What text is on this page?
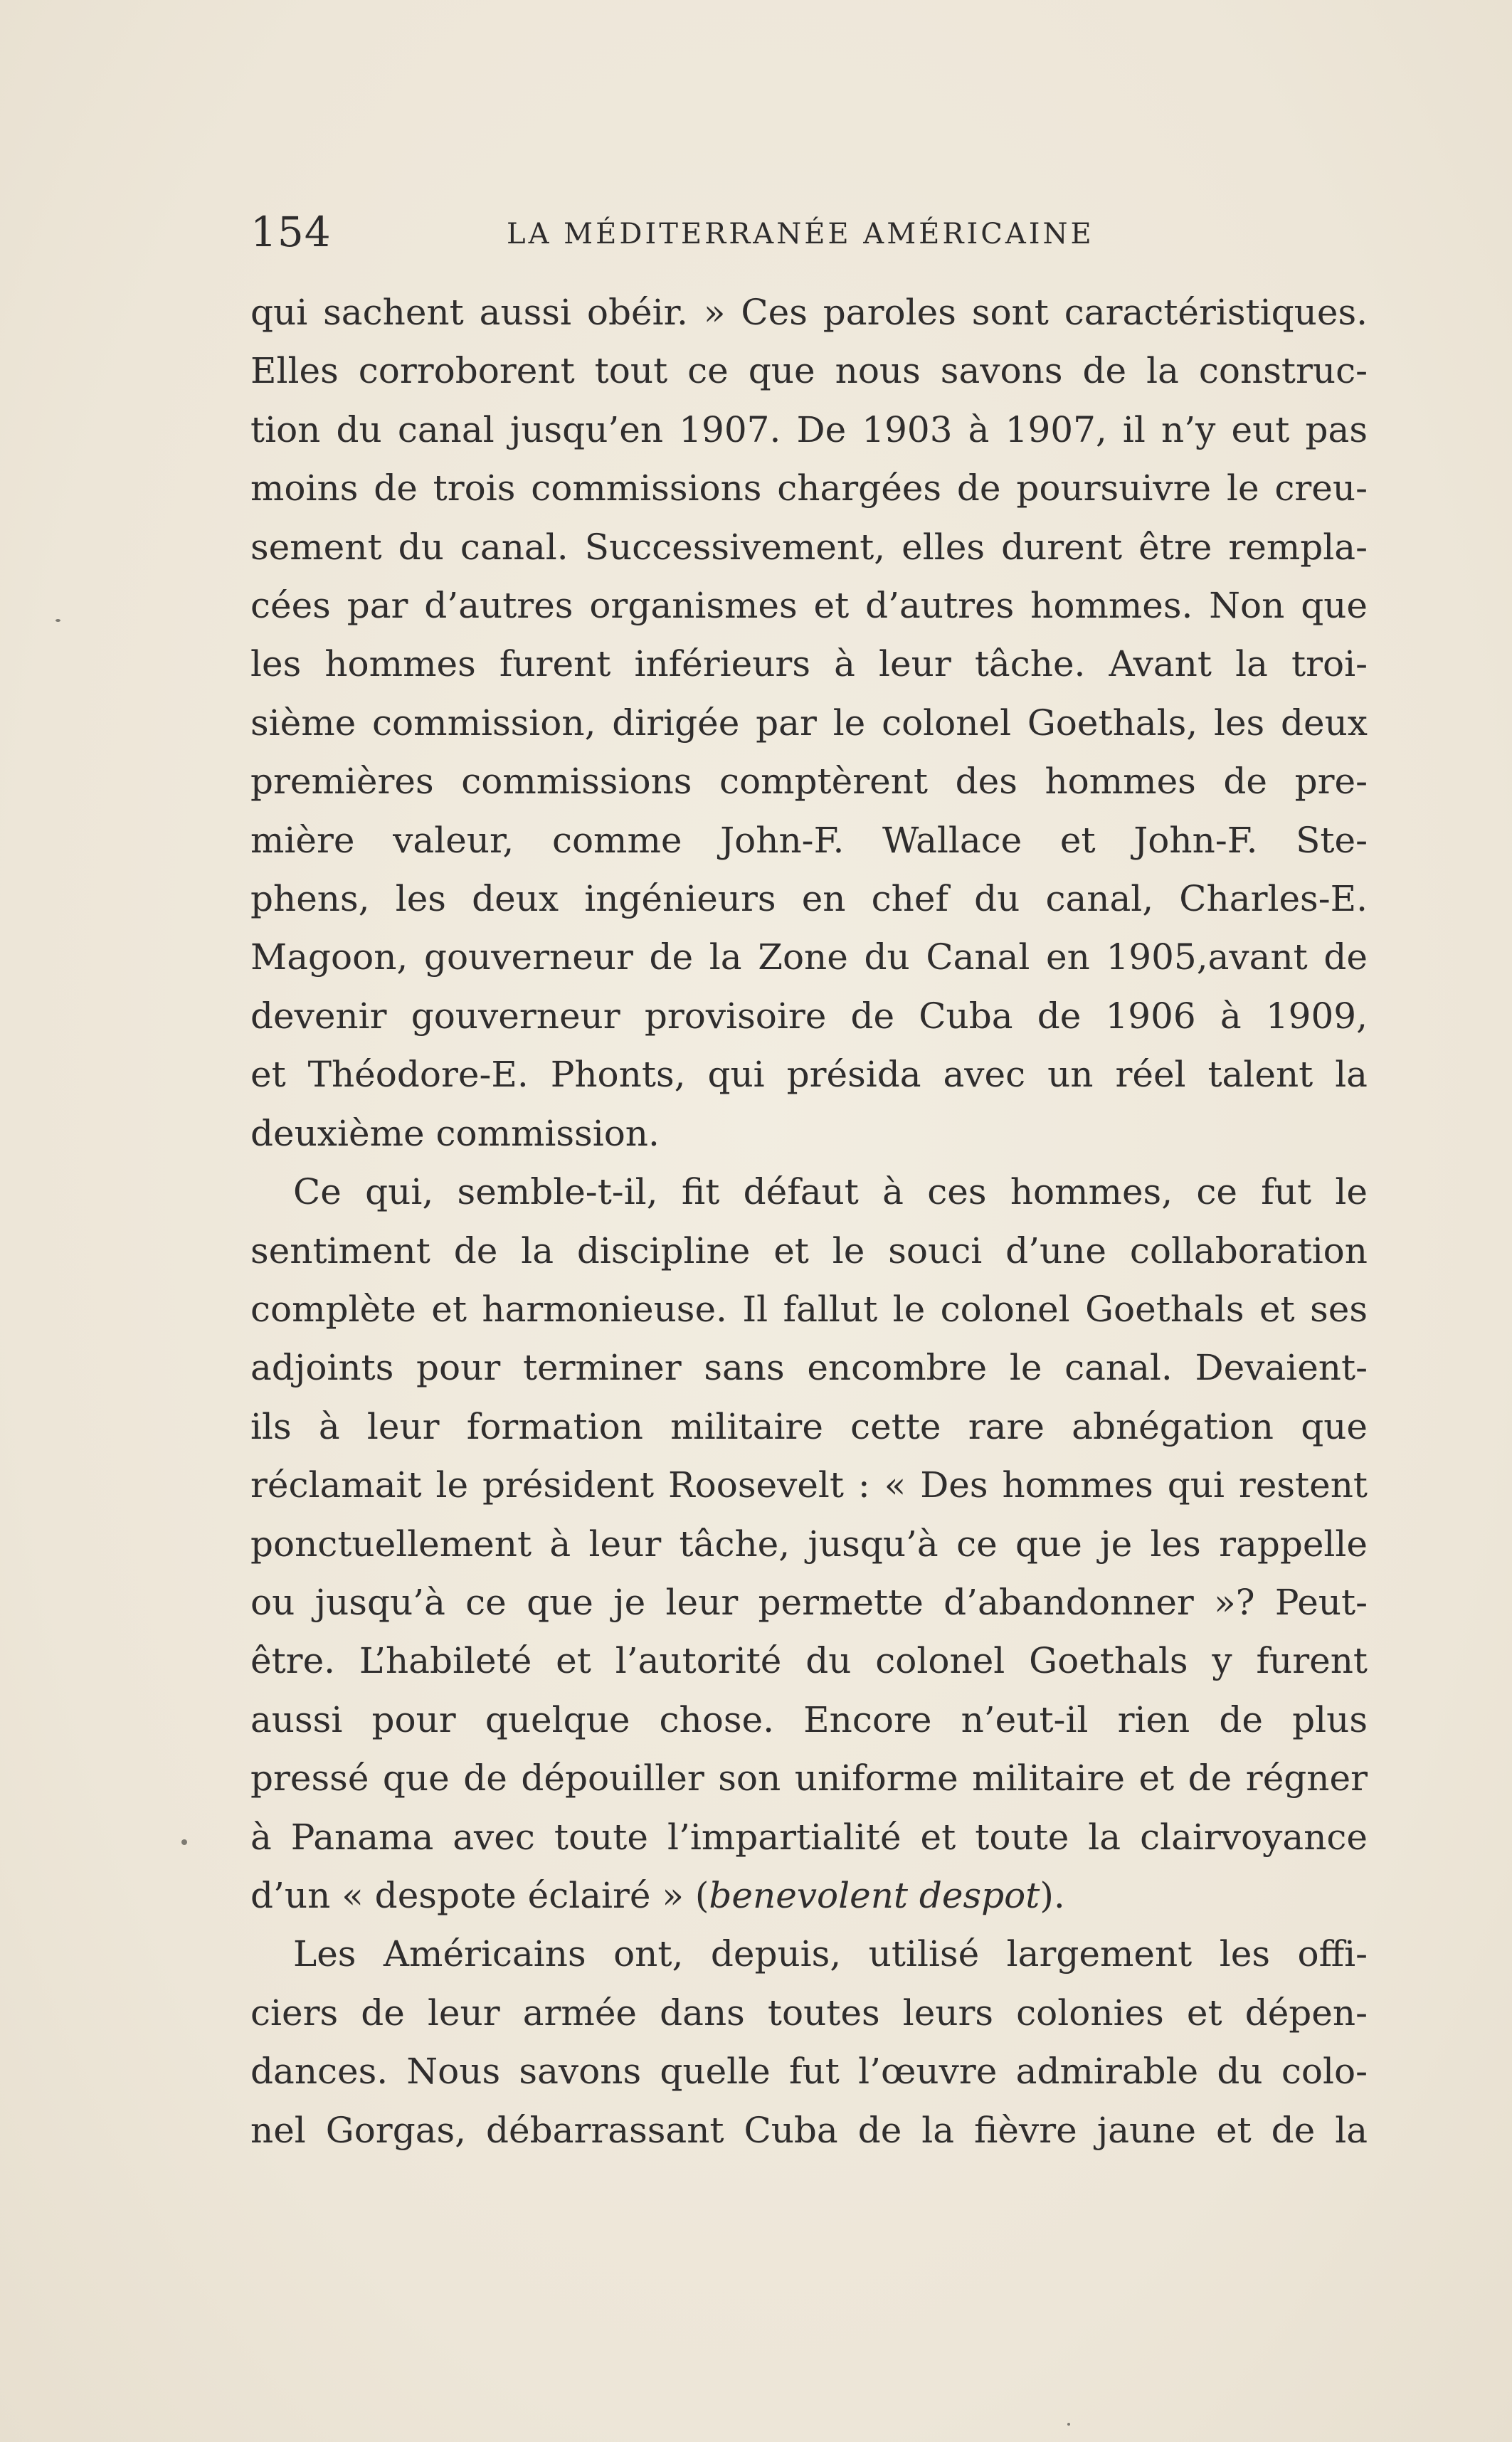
154	LA MÉDITERRANÉE AMÉRICAINE
qui sachent aussi obéir. » Ces paroles sont caractéristiques.
Elles corroborent tout ce que nous savons de la construc-
tion du canal jusqu’en 1907. De 1903 à 1907, il n’y eut pas
moins de trois commissions chargées de poursuivre le creu-
sement du canal. Successivement, elles durent être rempla-
cées par d’autres organismes et d’autres hommes. Non que
les hommes furent inférieurs à leur tâche. Avant la troi-
sième commission, dirigée par le colonel Goethals, les deux
premières commissions comptèrent des hommes de pre-
mière valeur, comme John-F. Wallace et John-F. Ste-
phens, les deux ingénieurs en chef du canal, Charles-E.
Magoon, gouverneur de la Zone du Canal en 1905,avant de
devenir gouverneur provisoire de Cuba de 1906 à 1909,
et Théodore-E. Phonts, qui présida avec un réel talent la
deuxième commission.
Ce qui, semble-t-il, fit défaut à ces hommes, ce fut le
sentiment de la discipline et le souci d’une collaboration
complète et harmonieuse. Il fallut le colonel Goethals et ses
adjoints pour terminer sans encombre le canal. Devaient-
ils à leur formation militaire cette rare abnégation que
réclamait le président Roosevelt : « Des hommes qui restent
ponctuellement à leur tâche, jusqu’à ce que je les rappelle
ou jusqu’à ce que je leur permette d’abandonner »? Peut-
être. L’habileté et l’autorité du colonel Goethals y furent
aussi pour quelque chose. Encore n’eut-il rien de plus
pressé que de dépouiller son uniforme militaire et de régner
à Panama avec toute l’impartialité et toute la clairvoyance
d’un « despote éclairé » (benevolent despot).
Les Américains ont, depuis, utilisé largement les offi-
ciers de leur armée dans toutes leurs colonies et dépen-
dances. Nous savons quelle fut l’œuvre admirable du colo-
nel Gorgas, débarrassant Cuba de la fièvre jaune et de la
